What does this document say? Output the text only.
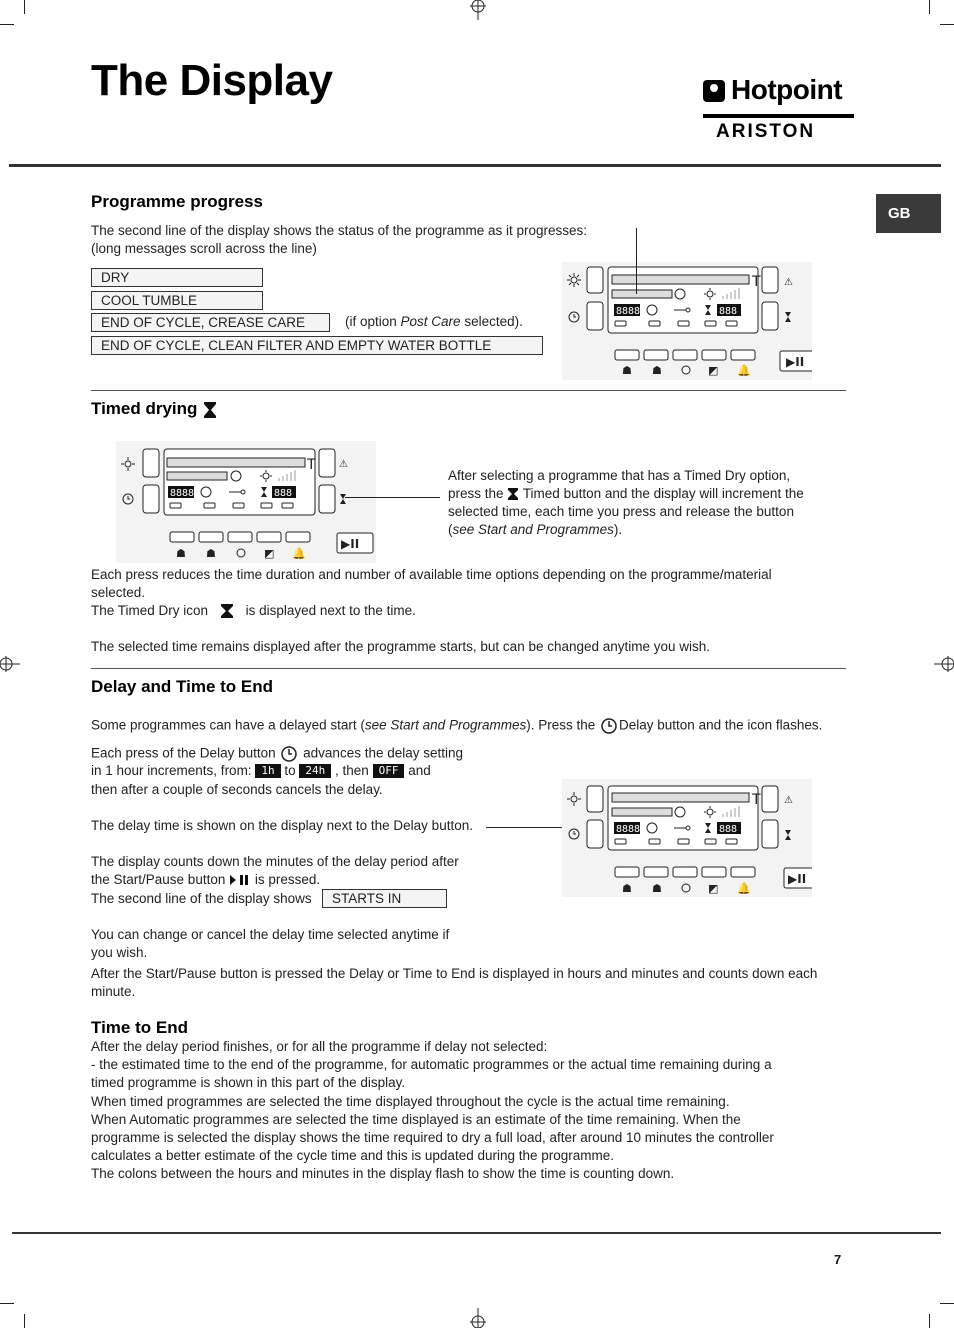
The Display	Hotpoint
ARISTON
GB
Programme progress

The second line of the display shows the status of the programme as it progresses:

(long messages scroll across the line)

DRY
COOL TUMBLE
END OF CYCLE, CREASE CARE	(if option Post Care selected).

END OF CYCLE, CLEAN FILTER AND EMPTY WATER BOTTLE
T
8888	888
⚠
▶II
☗ ☗	◩ 🔔
Timed drying
T
8888	888
⚠
▶II
☗ ☗	◩ 🔔

After selecting a programme that has a Timed Dry option,

press the Timed button and the display will increment the

selected time, each time you press and release the button

(see Start and Programmes).

Each press reduces the time duration and number of available time options depending on the programme/material

selected.

The Timed Dry icon	is displayed next to the time.

The selected time remains displayed after the programme starts, but can be changed anytime you wish.

Delay and Time to End

Some programmes can have a delayed start (see Start and Programmes). Press the Delay button and the icon flashes.

Each press of the Delay button advances the delay setting

in 1 hour increments, from: 1h to 24h , then OFF and

then after a couple of seconds cancels the delay.

The delay time is shown on the display next to the Delay button.

The display counts down the minutes of the delay period after

the Start/Pause button is pressed.

The second line of the display shows	STARTS IN

You can change or cancel the delay time selected anytime if

you wish.

After the Start/Pause button is pressed the Delay or Time to End is displayed in hours and minutes and counts down each

minute.

T
8888	888
⚠
▶II
☗ ☗	◩ 🔔
Time to End

After the delay period finishes, or for all the programme if delay not selected:

- the estimated time to the end of the programme, for automatic programmes or the actual time remaining during a

timed programme is shown in this part of the display.

When timed programmes are selected the time displayed throughout the cycle is the actual time remaining.

When Automatic programmes are selected the time displayed is an estimate of the time remaining. When the

programme is selected the display shows the time required to dry a full load, after around 10 minutes the controller

calculates a better estimate of the cycle time and this is updated during the programme.

The colons between the hours and minutes in the display flash to show the time is counting down.

7
